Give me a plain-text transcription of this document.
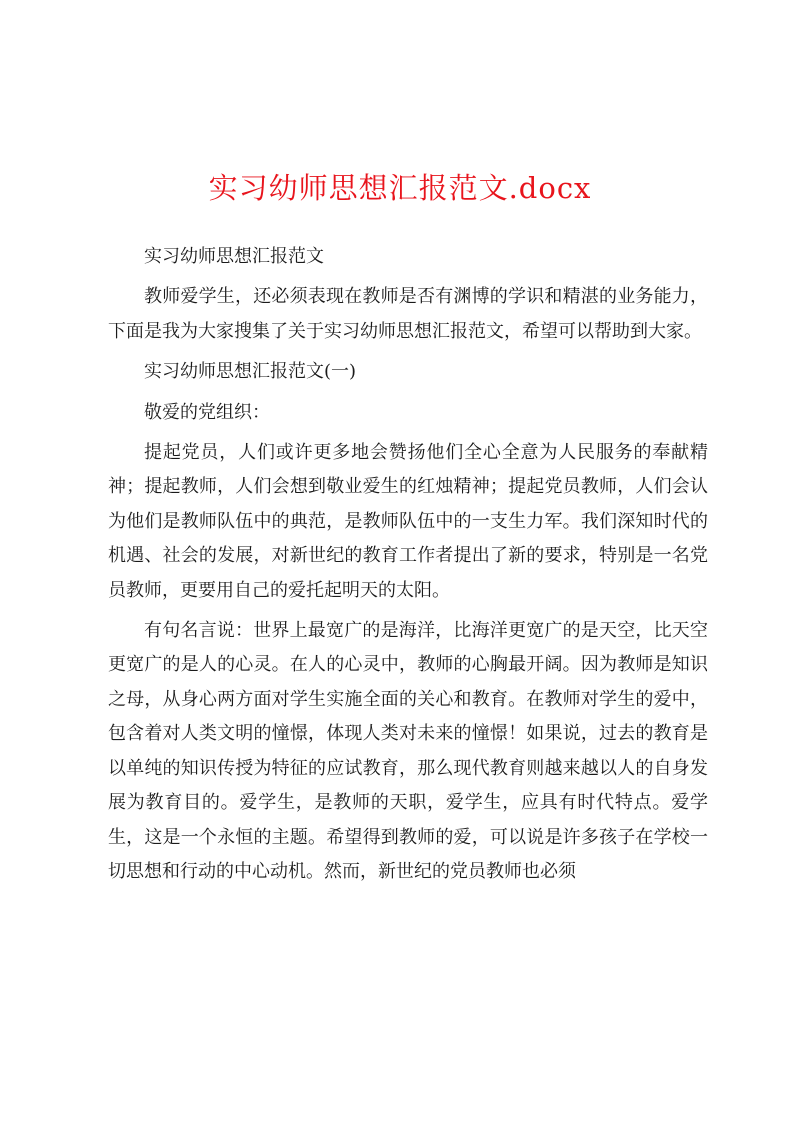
实习幼师思想汇报范文.docx

实习幼师思想汇报范文

教师爱学生，还必须表现在教师是否有渊博的学识和精湛的业务能力，下面是我为大家搜集了关于实习幼师思想汇报范文，希望可以帮助到大家。

实习幼师思想汇报范文(一)

敬爱的党组织：

提起党员，人们或许更多地会赞扬他们全心全意为人民服务的奉献精神；提起教师，人们会想到敬业爱生的红烛精神；提起党员教师，人们会认为他们是教师队伍中的典范，是教师队伍中的一支生力军。我们深知时代的机遇、社会的发展，对新世纪的教育工作者提出了新的要求，特别是一名党员教师，更要用自己的爱托起明天的太阳。

有句名言说：世界上最宽广的是海洋，比海洋更宽广的是天空，比天空更宽广的是人的心灵。在人的心灵中，教师的心胸最开阔。因为教师是知识之母，从身心两方面对学生实施全面的关心和教育。在教师对学生的爱中，包含着对人类文明的憧憬，体现人类对未来的憧憬！如果说，过去的教育是以单纯的知识传授为特征的应试教育，那么现代教育则越来越以人的自身发展为教育目的。爱学生，是教师的天职，爱学生，应具有时代特点。爱学生，这是一个永恒的主题。希望得到教师的爱，可以说是许多孩子在学校一切思想和行动的中心动机。然而，新世纪的党员教师也必须
